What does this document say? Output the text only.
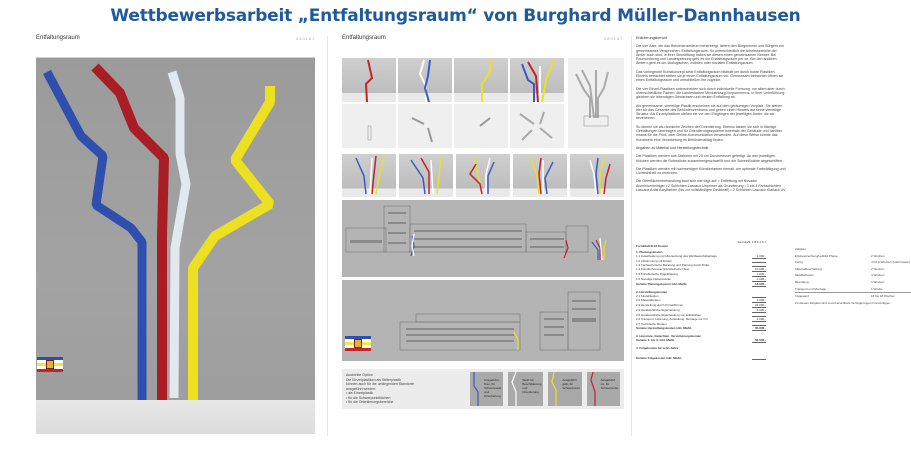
Wettbewerbsarbeit „Entfaltungsraum“ von Burghard Müller-Dannhausen
Entfaltungsraum	280167	Entfaltungsraum	280167
Ausbleibe Option
Die Einzelplastiken als Stifterplastik
können auch für die umliegenden Standorte
ausgeführt werden:
• als Einzelplastik
• für die Schwerpunktflächen
• für die Orientierungsbereiche
Ausgeführt blau, für Schwerpunkt und Orientierung
Weiß für Beschilderung und Orientierung
Ausgeführt gelb, für Schwerpunkt
Ausgeführt rot, für Schwerpunkt

Erläuterungsbericht

Die vier Äste, die das Behördenzentrum beherbergt, liefern den Bürgerinnen und Bürgern ein gemeinsames Versprechen: Entfaltungsraum. So unterschiedlich die Arbeitsbereiche der Ämter auch sind, in ihrer Sinnstiftung haben sie diesen einen gemeinsamen Nenner. Bei Raumordnung und Landesplanung geht es um Entfaltungsraum per se. Bei den anderen Ämtern geht es um ökologischen, mobilen oder sozialen Entfaltungsraum.

Das vorliegende Kunstkonzept setzt Entfaltungsraum bildhaft um durch bunte Plastiken. Einzeln betrachtet stellen sie je einen Entfaltungsraum vor. Gemeinsam betrachtet öffnen sie einen Entfaltungsraum und umschließen ihn zugleich.

Die vier Einzel-Plastiken unterscheiden sich durch individuelle Formung, vor allem aber durch unterschiedliche Farben: die Landesfarben Mecklenburg-Vorpommerns. In ihrer Unterführung gleichen sie lebendigen Gewächsen und deuten Entfaltung an.

Als gemeinsame, vierteilige Plastik erscheinen sie auf dem geräumigen Vorplatz. Sie stehen hier für das Gesamte des Behördenzentrums und geben einen Hinweis auf seine vierteilige Struktur. Als Einzelplastiken stehen sie vor den Eingängen der jeweiligen Ämter, die sie bezeichnen.

So dienen sie als räumliche Zeichen der Orientierung. Ebenso lassen sie sich in flächige Gestaltungen übertragen und für Orientierungssysteme innerhalb der Gebäude und darüber hinaus für die Print- oder Online-Kommunikation verwenden. Auf diese Weise könnte das Kunstwerk eine Verankerung im Behördenalltag finden.

Angaben zu Material und Herstellungstechnik

Die Plastiken werden aus Stahlrohr mit 20 cm Durchmesser gefertigt. An den jeweiligen Knicken werden die Rohrstücke zusammengeschweißt und die Schweißnähte abgeschliffen.

Die Plastiken werden mit hochwertigen Künstlerfarben bemalt, um optimale Farbsättigung und Lichtechtheit zu erreichen.

Die Oberflächenbehandlung baut sich wie folgt auf: • Entfettung mit Novadur Aluminiumreiniger • 2 Schichten Lascaux Unprimer als Grundierung • 3 bis 4 Farbschichten Lascaux Artist Acrylfarben (bis zur vollständigen Deckkraft) • 2 Schichten Lascaux Klarlack UV

Kennzahl: 2 8 0 1 6 7
Formblatt B 03 Kosten
1. Planungskosten
1.1 Ausarbeitung und Übersetzung des Wettbewerbsbeitrags	1.000,-
1.2 Abstimmung mit Dritten
1.3 Fachtechnische Beratung und Planung durch Dritte
1.4 Künstlerhonorar (künstlerische Idee)	10.000,-
1.5 Künstlerische Projektleitung	1.000,-
1.6 Sonstige Nebenkosten	1.000,-
Summe Planungskosten inkl. MwSt.	13.000,-
2. Herstellungskosten
2.1 Modellkosten
2.2 Materialkosten	2.000,-
2.3 Herstellung durch Firma/Firmen	24.000,-
2.4 Handwerkliche Eigenleistung	5.000,-
2.5 Handwerkliche Eigenleistung von Hilfskräften
2.6 Transport, Lieferung, Aufstellung, Montage vor Ort	4.000,-
2.7 Technische Medien
Summe Herstellungskosten inkl. MwSt.	35.000,-
3. Honorare, Gutachten, Versicherungskosten
Summe 1. bis 3. inkl. MwSt.	50.000,-
4. Folgekosten für zehn Jahre
Summe Folgekosten inkl. MwSt.
Zeitplan
Erstbesprechung/Leitbild Phase	2 Wochen
Fertig	4 bis 6 Wochen (Lieferzeiten)
Materialbeschaffung	2 Wochen
Metallarbeiten	4 Wochen
Bemalung	3 Wochen
Transport und Montage	1 Woche
Insgesamt	16 bis 18 Wochen
Zu diesem Zeitplan sind unvorhersehbare Verzögerungen hinzuzufügen.
